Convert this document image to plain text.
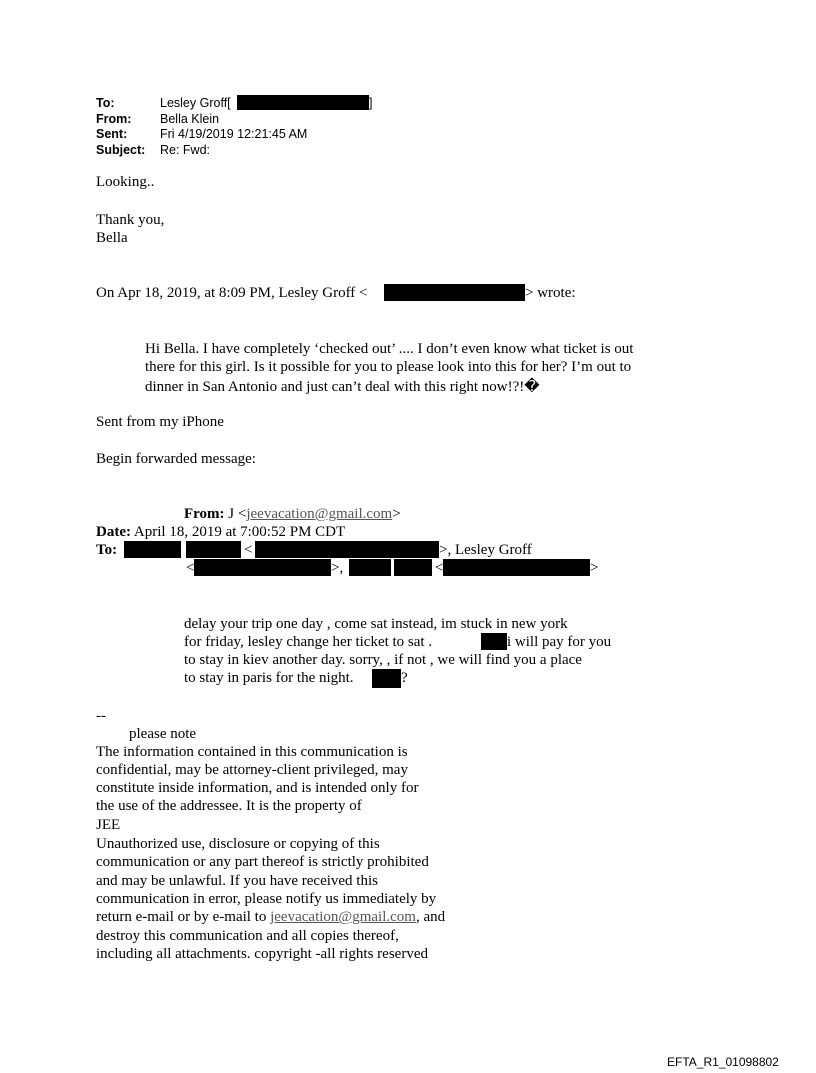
To:	Lesley Groff[	]
From: Bella Klein
Sent:	Fri 4/19/2019 12:21:45 AM
Subject: Re: Fwd:
Looking..
Thank you,
Bella
On Apr 18, 2019, at 8:09 PM, Lesley Groff <	> wrote:
Hi Bella. I have completely ‘checked out’ .... I don’t even know what ticket is out
there for this girl. Is it possible for you to please look into this for her? I’m out to
dinner in San Antonio and just can’t deal with this right now!?!�
Sent from my iPhone
Begin forwarded message:
From: J <jeevacation@gmail.com>
Date: April 18, 2019 at 7:00:52 PM CDT
To:	<	>, Lesley Groff
<	>,	<	>
delay your trip one day , come sat instead, im stuck in new york
for friday, lesley change her ticket to sat .	i will pay for you
to stay in kiev another day. sorry, , if not , we will find you a place
to stay in paris for the night.	?
--
please note
The information contained in this communication is
confidential, may be attorney-client privileged, may
constitute inside information, and is intended only for
the use of the addressee. It is the property of
JEE
Unauthorized use, disclosure or copying of this
communication or any part thereof is strictly prohibited
and may be unlawful. If you have received this
communication in error, please notify us immediately by
return e-mail or by e-mail to jeevacation@gmail.com, and
destroy this communication and all copies thereof,
including all attachments. copyright -all rights reserved
EFTA_R1_01098802
